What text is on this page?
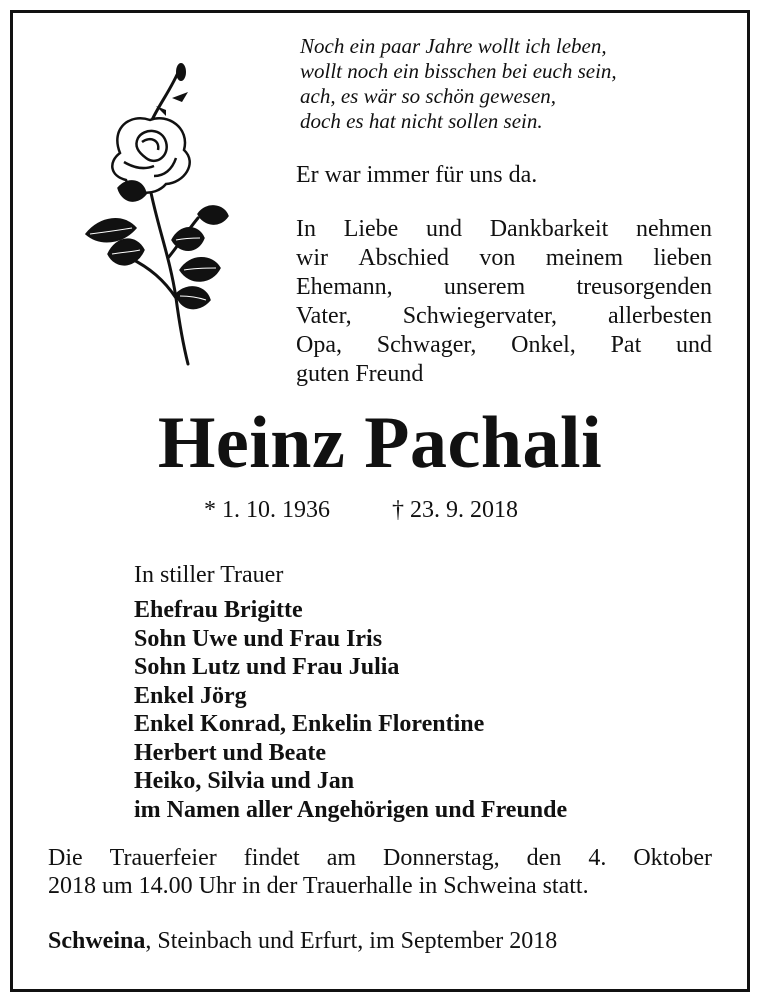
Noch ein paar Jahre wollt ich leben,
wollt noch ein bisschen bei euch sein,
ach, es wär so schön gewesen,
doch es hat nicht sollen sein.
Er war immer für uns da.
In Liebe und Dankbarkeit nehmen
wir Abschied von meinem lieben
Ehemann, unserem treusorgenden
Vater, Schwiegervater, allerbesten
Opa, Schwager, Onkel, Pat und
guten Freund
Heinz Pachali
* 1. 10. 1936	† 23. 9. 2018
In stiller Trauer
Ehefrau Brigitte
Sohn Uwe und Frau Iris
Sohn Lutz und Frau Julia
Enkel Jörg
Enkel Konrad, Enkelin Florentine
Herbert und Beate
Heiko, Silvia und Jan
im Namen aller Angehörigen und Freunde
Die Trauerfeier findet am Donnerstag, den 4. Oktober
2018 um 14.00 Uhr in der Trauerhalle in Schweina statt.
Schweina, Steinbach und Erfurt, im September 2018
